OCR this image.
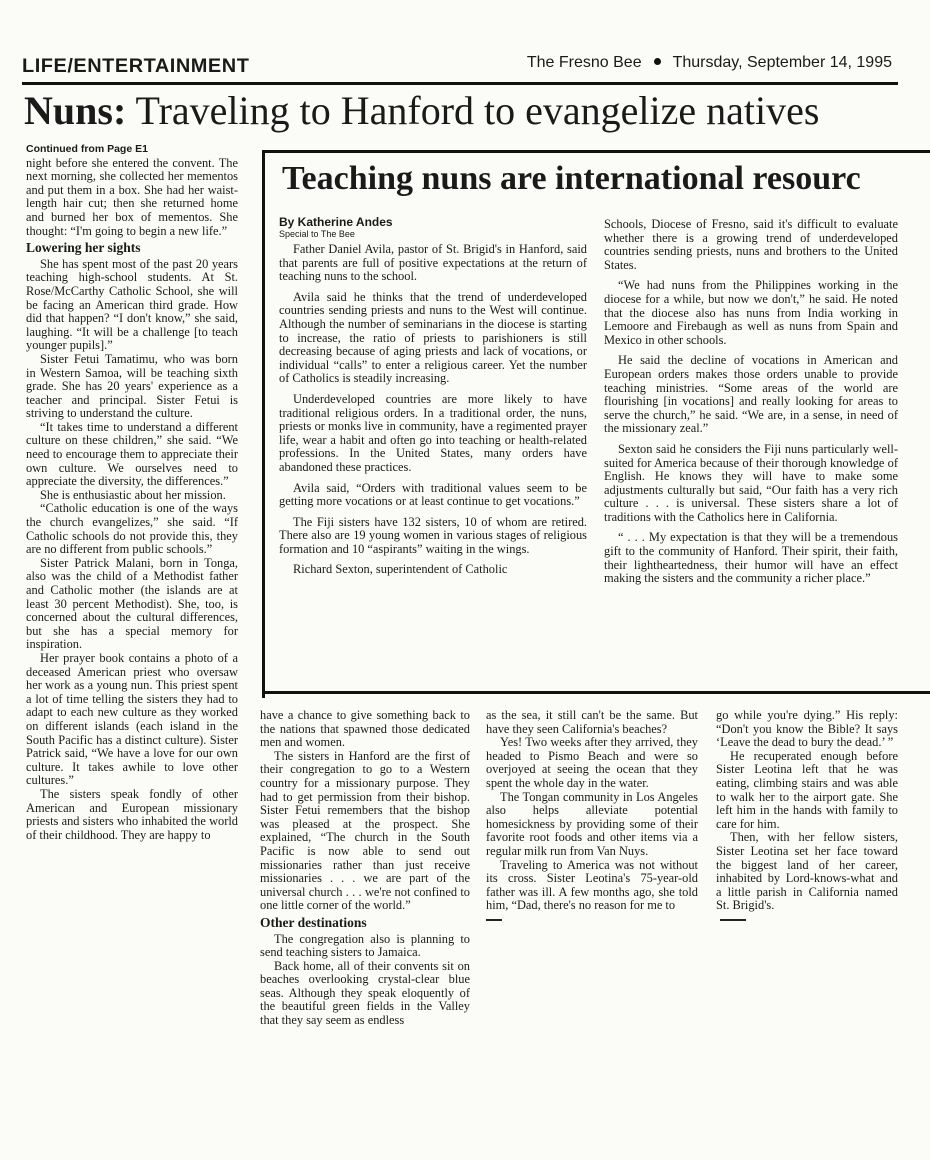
LIFE/ENTERTAINMENT	The Fresno Bee Thursday, September 14, 1995
Nuns: Traveling to Hanford to evangelize natives
Continued from Page E1

night before she entered the convent. The next morning, she collected her mementos and put them in a box. She had her waist-length hair cut; then she returned home and burned her box of mementos. She thought: “I'm going to begin a new life.”

Lowering her sights

She has spent most of the past 20 years teaching high-school students. At St. Rose/McCarthy Catholic School, she will be facing an American third grade. How did that happen? “I don't know,” she said, laughing. “It will be a challenge [to teach younger pupils].”

Sister Fetui Tamatimu, who was born in Western Samoa, will be teaching sixth grade. She has 20 years' experience as a teacher and principal. Sister Fetui is striving to understand the culture.

“It takes time to understand a different culture on these children,” she said. “We need to encourage them to appreciate their own culture. We ourselves need to appreciate the diversity, the differences.”

She is enthusiastic about her mission.

“Catholic education is one of the ways the church evangelizes,” she said. “If Catholic schools do not provide this, they are no different from public schools.”

Sister Patrick Malani, born in Tonga, also was the child of a Methodist father and Catholic mother (the islands are at least 30 percent Methodist). She, too, is concerned about the cultural differences, but she has a special memory for inspiration.

Her prayer book contains a photo of a deceased American priest who oversaw her work as a young nun. This priest spent a lot of time telling the sisters they had to adapt to each new culture as they worked on different islands (each island in the South Pacific has a distinct culture). Sister Patrick said, “We have a love for our own culture. It takes awhile to love other cultures.”

The sisters speak fondly of other American and European missionary priests and sisters who inhabited the world of their childhood. They are happy to

Teaching nuns are international resourc
By Katherine Andes
Special to The Bee

Father Daniel Avila, pastor of St. Brigid's in Hanford, said that parents are full of positive expectations at the return of teaching nuns to the school.

Avila said he thinks that the trend of underdeveloped countries sending priests and nuns to the West will continue. Although the number of seminarians in the diocese is starting to increase, the ratio of priests to parishioners is still decreasing because of aging priests and lack of vocations, or individual “calls” to enter a religious career. Yet the number of Catholics is steadily increasing.

Underdeveloped countries are more likely to have traditional religious orders. In a traditional order, the nuns, priests or monks live in community, have a regimented prayer life, wear a habit and often go into teaching or health-related professions. In the United States, many orders have abandoned these practices.

Avila said, “Orders with traditional values seem to be getting more vocations or at least continue to get vocations.”

The Fiji sisters have 132 sisters, 10 of whom are retired. There also are 19 young women in various stages of religious formation and 10 “aspirants” waiting in the wings.

Richard Sexton, superintendent of Catholic

Schools, Diocese of Fresno, said it's difficult to evaluate whether there is a growing trend of underdeveloped countries sending priests, nuns and brothers to the United States.

“We had nuns from the Philippines working in the diocese for a while, but now we don't,” he said. He noted that the diocese also has nuns from India working in Lemoore and Firebaugh as well as nuns from Spain and Mexico in other schools.

He said the decline of vocations in American and European orders makes those orders unable to provide teaching ministries. “Some areas of the world are flourishing [in vocations] and really looking for areas to serve the church,” he said. “We are, in a sense, in need of the missionary zeal.”

Sexton said he considers the Fiji nuns particularly well-suited for America because of their thorough knowledge of English. He knows they will have to make some adjustments culturally but said, “Our faith has a very rich culture . . . is universal. These sisters share a lot of traditions with the Catholics here in California.

“ . . . My expectation is that they will be a tremendous gift to the community of Hanford. Their spirit, their faith, their lightheartedness, their humor will have an effect making the sisters and the community a richer place.”

have a chance to give something back to the nations that spawned those dedicated men and women.

The sisters in Hanford are the first of their congregation to go to a Western country for a missionary purpose. They had to get permission from their bishop. Sister Fetui remembers that the bishop was pleased at the prospect. She explained, “The church in the South Pacific is now able to send out missionaries rather than just receive missionaries . . . we are part of the universal church . . . we're not confined to one little corner of the world.”

Other destinations

The congregation also is planning to send teaching sisters to Jamaica.

Back home, all of their convents sit on beaches overlooking crystal-clear blue seas. Although they speak eloquently of the beautiful green fields in the Valley that they say seem as endless

as the sea, it still can't be the same. But have they seen California's beaches?

Yes! Two weeks after they arrived, they headed to Pismo Beach and were so overjoyed at seeing the ocean that they spent the whole day in the water.

The Tongan community in Los Angeles also helps alleviate potential homesickness by providing some of their favorite root foods and other items via a regular milk run from Van Nuys.

Traveling to America was not without its cross. Sister Leotina's 75-year-old father was ill. A few months ago, she told him, “Dad, there's no reason for me to

go while you're dying.” His reply: “Don't you know the Bible? It says ‘Leave the dead to bury the dead.’ ”

He recuperated enough before Sister Leotina left that he was eating, climbing stairs and was able to walk her to the airport gate. She left him in the hands with family to care for him.

Then, with her fellow sisters, Sister Leotina set her face toward the biggest land of her career, inhabited by Lord-knows-what and a little parish in California named St. Brigid's.
